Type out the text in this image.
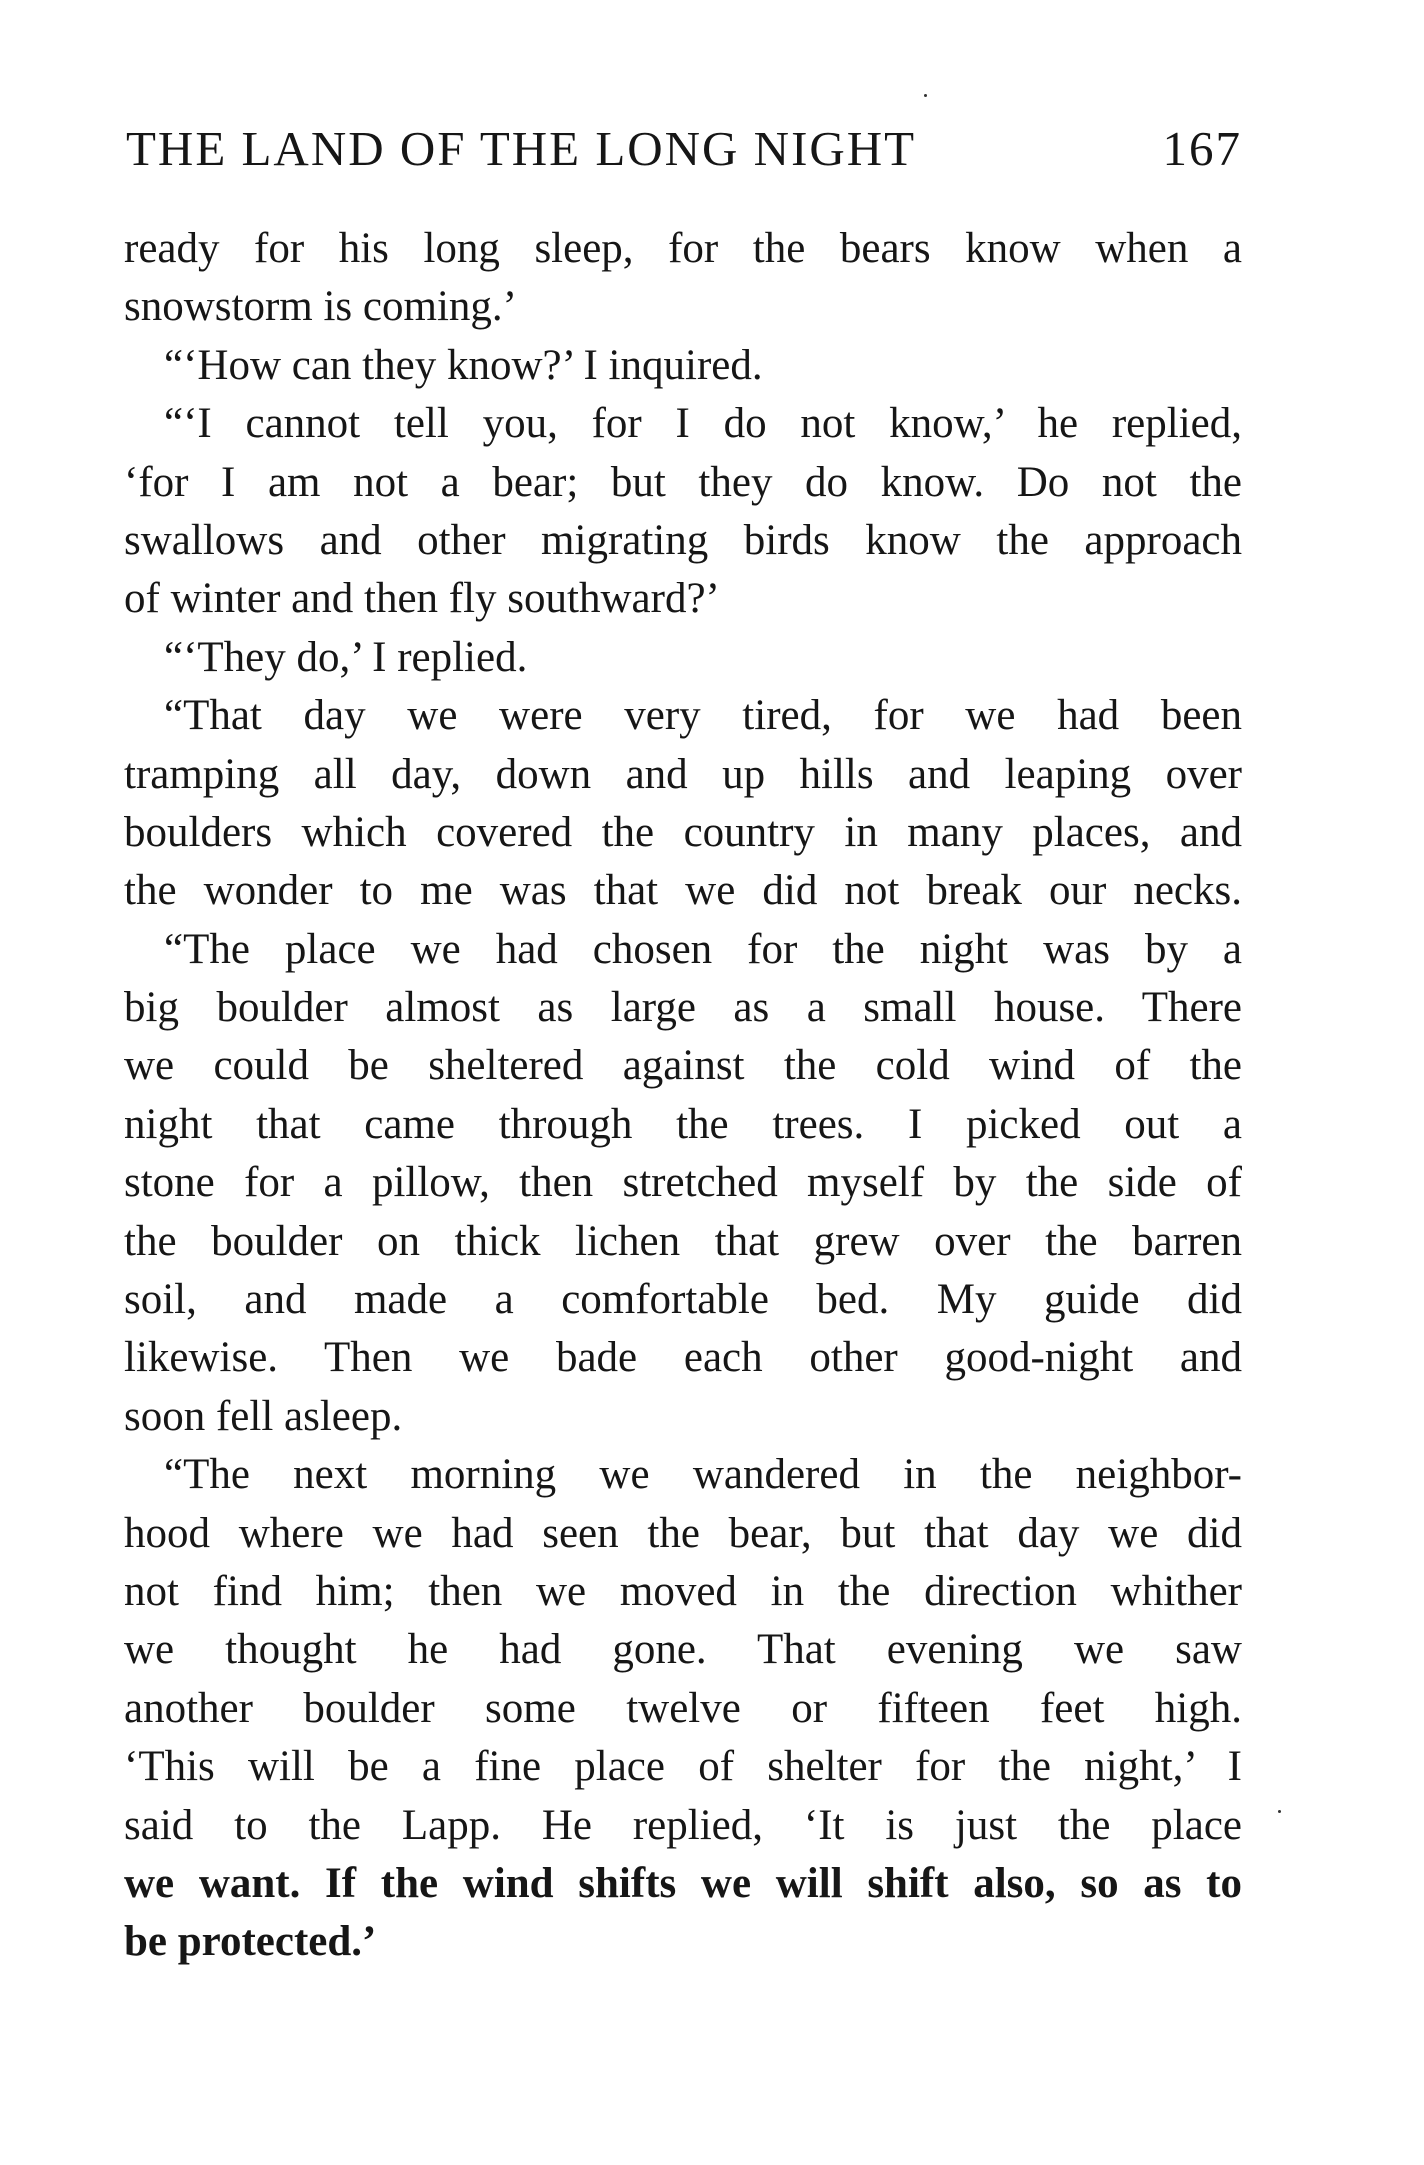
THE LAND OF THE LONG NIGHT	167
ready for his long sleep, for the bears know when a
snowstorm is coming.’
“‘How can they know?’ I inquired.
“‘I cannot tell you, for I do not know,’ he replied,
‘for I am not a bear; but they do know. Do not the
swallows and other migrating birds know the approach
of winter and then fly southward?’
“‘They do,’ I replied.
“That day we were very tired, for we had been
tramping all day, down and up hills and leaping over
boulders which covered the country in many places, and
the wonder to me was that we did not break our necks.
“The place we had chosen for the night was by a
big boulder almost as large as a small house. There
we could be sheltered against the cold wind of the
night that came through the trees. I picked out a
stone for a pillow, then stretched myself by the side of
the boulder on thick lichen that grew over the barren
soil, and made a comfortable bed. My guide did
likewise. Then we bade each other good-night and
soon fell asleep.
“The next morning we wandered in the neighbor-
hood where we had seen the bear, but that day we did
not find him; then we moved in the direction whither
we thought he had gone. That evening we saw
another boulder some twelve or fifteen feet high.
‘This will be a fine place of shelter for the night,’ I
said to the Lapp. He replied, ‘It is just the place
we want. If the wind shifts we will shift also, so as to
be protected.’
